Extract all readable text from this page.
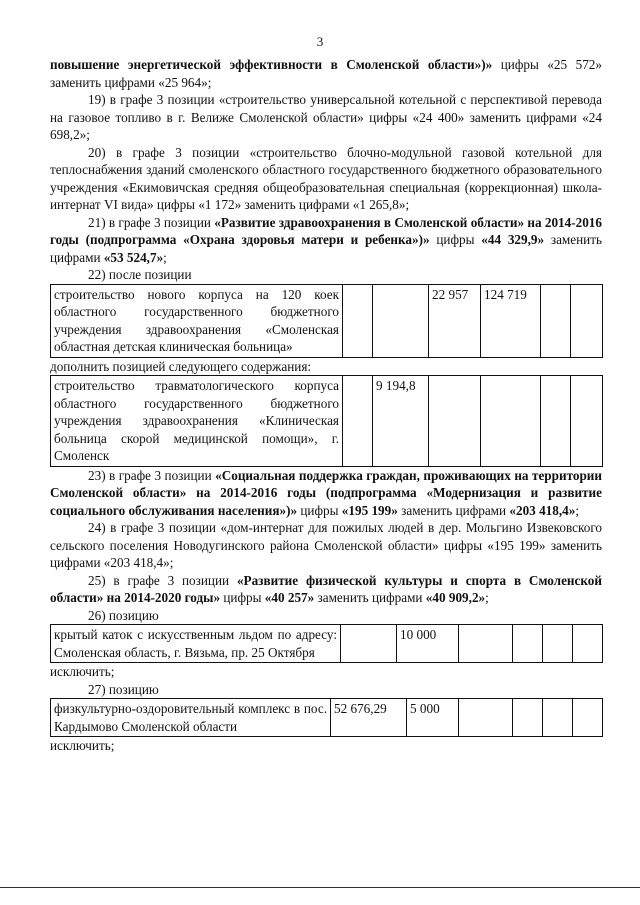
3

повышение энергетической эффективности в Смоленской области»)» цифры «25 572» заменить цифрами «25 964»;

19) в графе 3 позиции «строительство универсальной котельной с перспективой перевода на газовое топливо в г. Велиже Смоленской области» цифры «24 400» заменить цифрами «24 698,2»;

20) в графе 3 позиции «строительство блочно-модульной газовой котельной для теплоснабжения зданий смоленского областного государственного бюджетного образовательного учреждения «Екимовичская средняя общеобразовательная специальная (коррекционная) школа-интернат VI вида» цифры «1 172» заменить цифрами «1 265,8»;

21) в графе 3 позиции «Развитие здравоохранения в Смоленской области» на 2014-2016 годы (подпрограмма «Охрана здоровья матери и ребенка»)» цифры «44 329,9» заменить цифрами «53 524,7»;

22) после позиции

строительство нового корпуса на 120 коек областного государственного бюджетного учреждения здравоохранения «Смоленская областная детская клиническая больница»			22 957	124 719		

дополнить позицией следующего содержания:

строительство травматологического корпуса областного государственного бюджетного учреждения здравоохранения «Клиническая больница скорой медицинской помощи», г. Смоленск		9 194,8				

23) в графе 3 позиции «Социальная поддержка граждан, проживающих на территории Смоленской области» на 2014-2016 годы (подпрограмма «Модернизация и развитие социального обслуживания населения»)» цифры «195 199» заменить цифрами «203 418,4»;

24) в графе 3 позиции «дом-интернат для пожилых людей в дер. Мольгино Извековского сельского поселения Новодугинского района Смоленской области» цифры «195 199» заменить цифрами «203 418,4»;

25) в графе 3 позиции «Развитие физической культуры и спорта в Смоленской области» на 2014-2020 годы» цифры «40 257» заменить цифрами «40 909,2»;

26) позицию

крытый каток с искусственным льдом по адресу: Смоленская область, г. Вязьма, пр. 25 Октября		10 000				

исключить;

27) позицию

физкультурно-оздоровительный комплекс в пос. Кардымово Смоленской области	52 676,29	5 000				

исключить;
